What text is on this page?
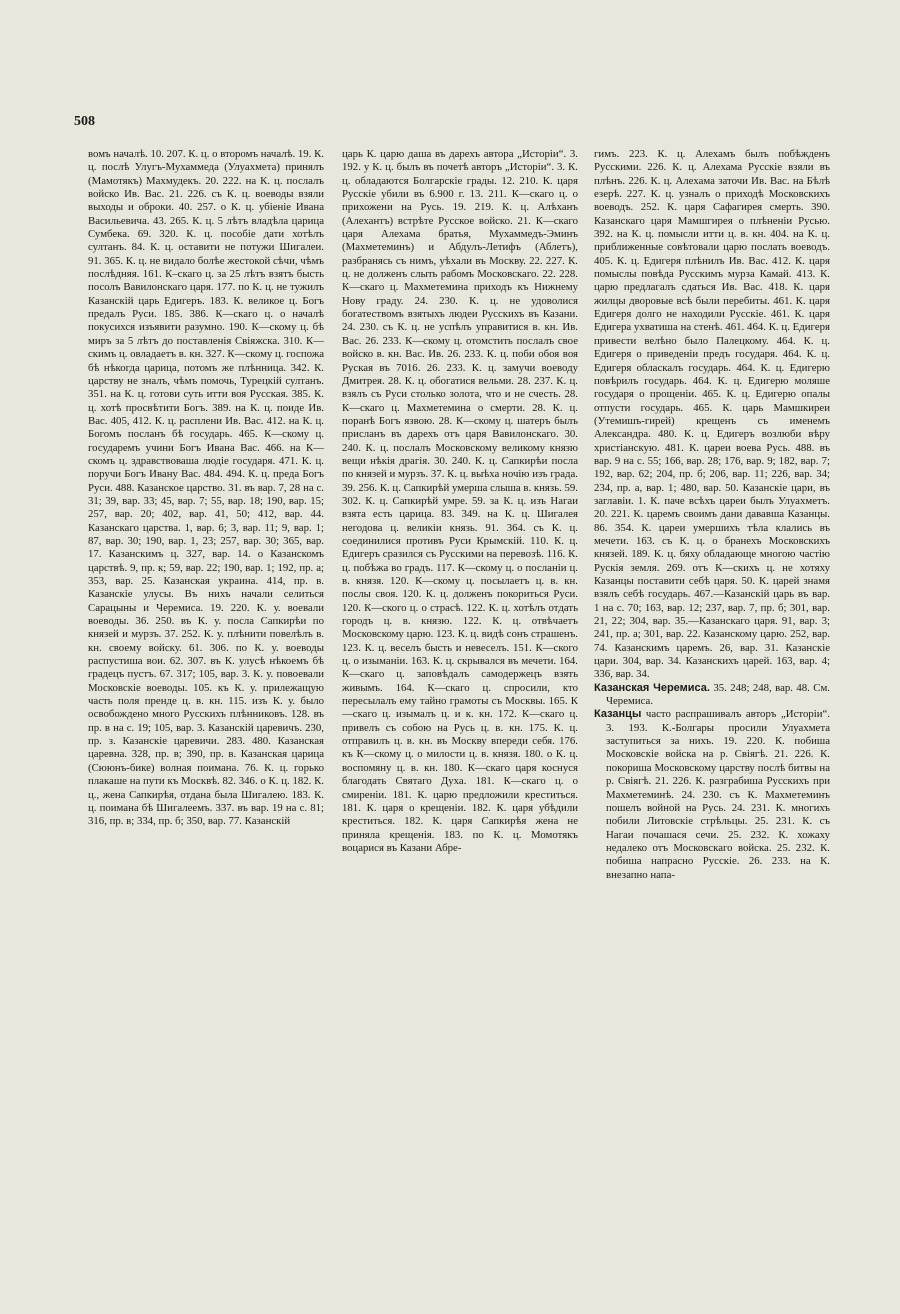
508

вомъ началѣ. 10. 207. К. ц. о второмъ началѣ. 19. К. ц. послѣ Улугъ-Мухаммеда (Улуахмета) принялъ (Мамотякъ) Махмудекъ. 20. 222. на К. ц. послалъ войско Ив. Вас. 21. 226. съ К. ц. воеводы взяли выходы и оброки. 40. 257. о К. ц. убіеніе Ивана Васильевича. 43. 265. К. ц. 5 лѣтъ владѣла царица Сумбека. 69. 320. К. ц. пособіе дати хотѣлъ султанъ. 84. К. ц. оставити не потужи Шигалеи. 91. 365. К. ц. не видало болѣе жестокой сѣчи, чѣмъ послѣдняя. 161. К–скаго ц. за 25 лѣтъ взятъ бысть посолъ Вавилонскаго царя. 177. по К. ц. не тужилъ Казанскій царь Едигеръ. 183. К. великое ц. Богъ предалъ Руси. 185. 386. К—скаго ц. о началѣ покусихся изъявити разумно. 190. К—скому ц. бѣ миръ за 5 лѣтъ до поставленія Свіяжска. 310. К—скимъ ц. овладаетъ в. кн. 327. К—скому ц. госпожа бѣ нѣкогда царица, потомъ же плѣнница. 342. К. царству не зналъ, чѣмъ помочь, Турецкій султанъ. 351. на К. ц. готови суть итти воя Русская. 385. К. ц. хотѣ просвѣтити Богъ. 389. на К. ц. поиде Ив. Вас. 405, 412. К. ц. расплени Ив. Вас. 412. на К. ц. Богомъ посланъ бѣ государь. 465. К—скому ц. государемъ учини Богъ Ивана Вас. 466. на К—скомъ ц. здравствоваша людіе государя. 471. К. ц. поручи Богъ Ивану Вас. 484. 494. К. ц. преда Богъ Руси. 488. Казанское царство. 31. въ вар. 7, 28 на с. 31; 39, вар. 33; 45, вар. 7; 55, вар. 18; 190, вар. 15; 257, вар. 20; 402, вар. 41, 50; 412, вар. 44. Казанскаго царства. 1, вар. 6; 3, вар. 11; 9, вар. 1; 87, вар. 30; 190, вар. 1, 23; 257, вар. 30; 365, вар. 17. Казанскимъ ц. 327, вар. 14. о Казанскомъ царствѣ. 9, пр. к; 59, вар. 22; 190, вар. 1; 192, пр. а; 353, вар. 25. Казанская украина. 414, пр. в. Казанскіе улусы. Въ нихъ начали селиться Сарацыны и Черемиса. 19. 220. К. у. воевали воеводы. 36. 250. въ К. у. послa Сапкирѣи по князей и мурзъ. 37. 252. К. у. плѣнити повелѣлъ в. кн. своему войску. 61. 306. по К. у. воеводы распустиша вои. 62. 307. въ К. улусѣ нѣкоемъ бѣ градецъ пустъ. 67. 317; 105, вар. 3. К. у. повоевали Московскіе воеводы. 105. къ К. у. прилежащую часть поля пренде ц. в. кн. 115. изъ К. у. было освобождено много Русскихъ плѣнниковъ. 128. въ пр. в на с. 19; 105, вар. 3. Казанскій царевичъ. 230, пр. з. Казанскіе царевичи. 283. 480. Казанская царевна. 328, пр. в; 390, пр. в. Казанская царица (Сююнъ-бике) волная поимана. 76. К. ц. горько плакаше на пути къ Москвѣ. 82. 346. о К. ц. 182. К. ц., жена Сапкирѣя, отдана была Шигалею. 183. К. ц. поимана бѣ Шигалеемъ. 337. въ вар. 19 на с. 81; 316, пр. в; 334, пр. б; 350, вар. 77. Казанскій

царь К. царю даша въ дарехъ автора „Исторіи“. 3. 192. у К. ц. былъ въ почетѣ авторъ „Исторіи“. 3. К. ц. обладаются Болгарскіе грады. 12. 210. К. царя Русскіе убили въ 6.900 г. 13. 211. К—скаго ц. о прихожени на Русь. 19. 219. К. ц. Алѣханъ (Алехантъ) встрѣте Русское войско. 21. К—скаго царя Алехама братья, Мухаммедъ-Эминъ (Махметеминъ) и Абдулъ-Летифъ (Аблетъ), разбранясь съ нимъ, уѣхали въ Москву. 22. 227. К. ц. не долженъ слыть рабомъ Московскаго. 22. 228. К—скаго ц. Махметемина приходъ къ Нижнему Нову граду. 24. 230. К. ц. не удоволися богатествомъ взятыхъ людеи Русскихъ въ Казани. 24. 230. съ К. ц. не успѣлъ управитися в. кн. Ив. Вас. 26. 233. К—скому ц. отомстить послалъ свое войско в. кн. Вас. Ив. 26. 233. К. ц. поби обоя воя Руская въ 7016. 26. 233. К. ц. замучи воеводу Дмитрея. 28. К. ц. обогатися вельми. 28. 237. К. ц. взялъ съ Руси столько золота, что и не счесть. 28. К—скаго ц. Махметемина о смерти. 28. К. ц. поранѣ Богъ язвою. 28. К—скому ц. шатеръ былъ присланъ въ дарехъ отъ царя Вавилонскаго. 30. 240. К. ц. послалъ Московскому великому князю вещи нѣкія драгія. 30. 240. К. ц. Сапкирѣи посла по князей и мурзъ. 37. К. ц. выѣха ночію изъ града. 39. 256. К. ц. Сапкирѣй умерша слыша в. князь. 59. 302. К. ц. Сапкирѣй умре. 59. за К. ц. изъ Нагаи взята есть царица. 83. 349. на К. ц. Шигалея негодова ц. великіи князь. 91. 364. съ К. ц. соединилися противъ Руси Крымскій. 110. К. ц. Едигеръ сразился съ Русскими на перевозѣ. 116. К. ц. побѣжа во градъ. 117. К—скому ц. о посланіи ц. в. князя. 120. К—скому ц. посылаетъ ц. в. кн. послы своя. 120. К. ц. долженъ покориться Руси. 120. К—ского ц. о страсѣ. 122. К. ц. хотѣлъ отдать городъ ц. в. князю. 122. К. ц. отвѣчаетъ Московскому царю. 123. К. ц. видѣ сонъ страшенъ. 123. К. ц. веселъ бысть и невеселъ. 151. К—ского ц. о изыманіи. 163. К. ц. скрывался въ мечети. 164. К—скаго ц. заповѣдалъ самодержецъ взять живымъ. 164. К—скаго ц. спросили, кто пересылалъ ему тайно грамоты съ Москвы. 165. К—скаго ц. изымалъ ц. и к. кн. 172. К—скаго ц. привелъ съ собою на Русь ц. в. кн. 175. К. ц. отправилъ ц. в. кн. въ Москву впереди себя. 176. къ К—скому ц. о милости ц. в. князя. 180. о К. ц. воспомяну ц. в. кн. 180. К—скаго царя коснуся благодать Святаго Духа. 181. К—скаго ц. о смиреніи. 181. К. царю предложили креститься. 181. К. царя о крещеніи. 182. К. царя убѣдили креститься. 182. К. царя Сапкирѣя жена не приняла крещенія. 183. по К. ц. Момотякъ воцарися въ Казани Абре-

гимъ. 223. К. ц. Алехамъ былъ побѣжденъ Русскими. 226. К. ц. Алехама Русскіе взяли въ плѣнъ. 226. К. ц. Алехама заточи Ив. Вас. на Бѣлѣ езерѣ. 227. К. ц. узналъ о приходѣ Московскихъ воеводъ. 252. К. царя Сафагирея смерть. 390. Казанскаго царя Мамшгирея о плѣненіи Русью. 392. на К. ц. помысли итти ц. в. кн. 404. на К. ц. приближенные совѣтовали царю послать воеводъ. 405. К. ц. Едигеря плѣнилъ Ив. Вас. 412. К. царя помыслы повѣда Русскимъ мурза Камай. 413. К. царю предлагалъ сдаться Ив. Вас. 418. К. царя жилцы дворовые всѣ были перебиты. 461. К. царя Едигеря долго не находили Русскіе. 461. К. царя Едигера ухватиша на стенѣ. 461. 464. К. ц. Едигеря привести велѣно было Палецкому. 464. К. ц. Едигеря о приведеніи предъ государя. 464. К. ц. Едигеря обласкалъ государь. 464. К. ц. Едигерю повѣрилъ государь. 464. К. ц. Едигерю моляше государя о прощеніи. 465. К. ц. Едигерю опалы отпусти государь. 465. К. царь Мамшкиреи (Утемишъ-гирей) крещенъ съ именемъ Александра. 480. К. ц. Едигеръ возлюби вѣру христіанскую. 481. К. цареи воева Русь. 488. въ вар. 9 на с. 55; 166, вар. 28; 176, вар. 9; 182, вар. 7; 192, вар. 62; 204, пр. б; 206, вар. 11; 226, вар. 34; 234, пр. а, вар. 1; 480, вар. 50. Казанскіе цари, въ заглавіи. 1. К. паче всѣхъ цареи былъ Улуахметъ. 20. 221. К. царемъ своимъ дани дававша Казанцы. 86. 354. К. цареи умершихъ тѣла клались въ мечети. 163. съ К. ц. о бранехъ Московскихъ князей. 189. К. ц. бяху обладающе многою частію Рускія земля. 269. отъ К—скихъ ц. не хотяху Казанцы поставити себѣ царя. 50. К. царей знамя взялъ себѣ государь. 467.—Казанскій царь въ вар. 1 на с. 70; 163, вар. 12; 237, вар. 7, пр. б; 301, вар. 21, 22; 304, вар. 35.—Казанскаго царя. 91, вар. 3; 241, пр. а; 301, вар. 22. Казанскому царю. 252, вар. 74. Казанскимъ царемъ. 26, вар. 31. Казанскіе цари. 304, вар. 34. Казанскихъ царей. 163, вар. 4; 336, вар. 34.

Казанская Черемиса. 35. 248; 248, вар. 48. См. Черемиса.

Казанцы часто распрашивалъ авторъ „Исторіи“. 3. 193. К.-Болгары просили Улуахмета заступиться за нихъ. 19. 220. К. побиша Московскіе войска на р. Свіягѣ. 21. 226. К. покориша Московскому царству послѣ битвы на р. Свіягѣ. 21. 226. К. разграбиша Русскихъ при Махметеминѣ. 24. 230. съ К. Махметеминъ пошелъ войной на Русь. 24. 231. К. многихъ побили Литовскіе стрѣльцы. 25. 231. К. съ Нагаи почашася сечи. 25. 232. К. хожаху недалеко отъ Московскаго войска. 25. 232. К. побиша напрасно Русскіе. 26. 233. на К. внезапно напа-
